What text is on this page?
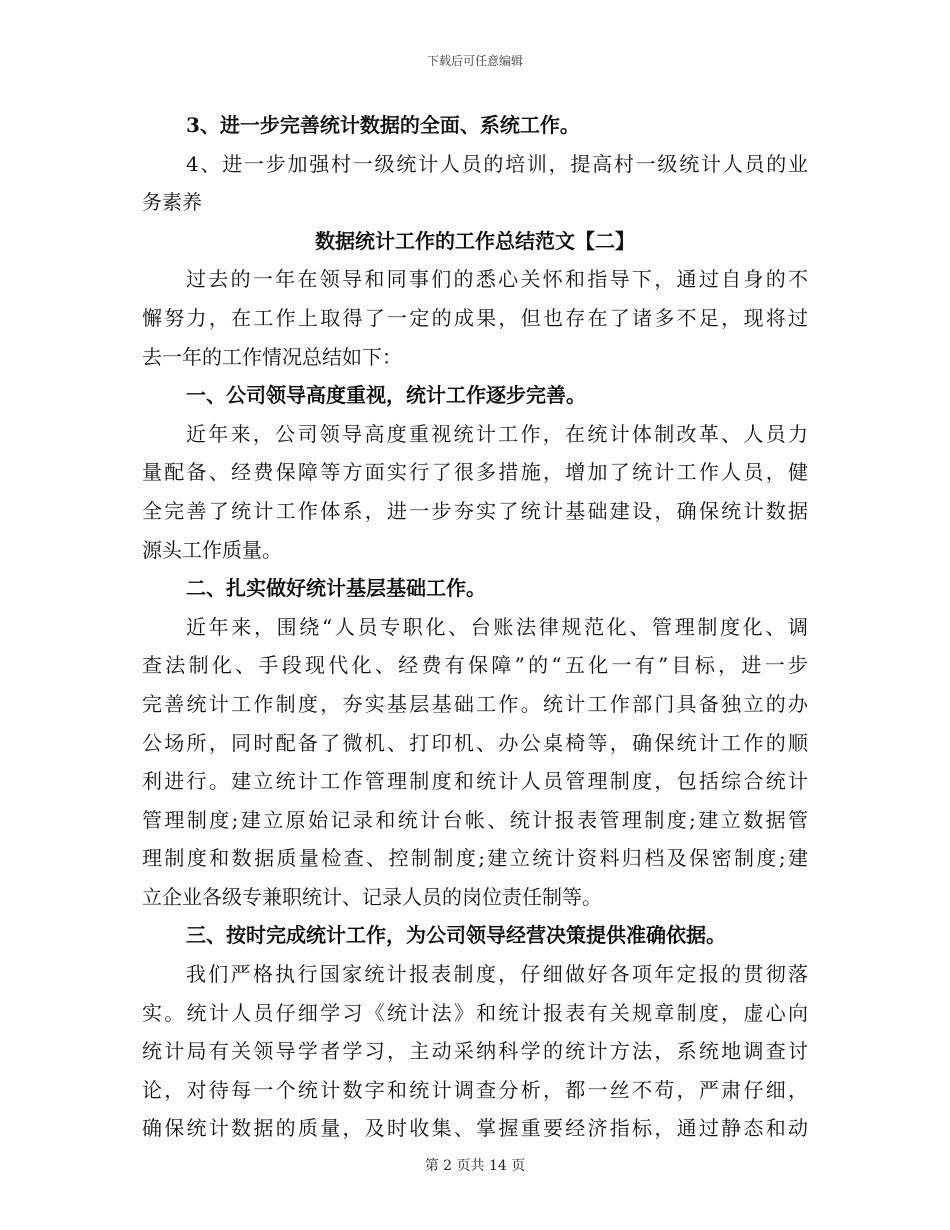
下载后可任意编辑
3、进一步完善统计数据的全面、系统工作。
4、进一步加强村一级统计人员的培训，提高村一级统计人员的业
务素养
数据统计工作的工作总结范文【二】
过去的一年在领导和同事们的悉心关怀和指导下，通过自身的不
懈努力，在工作上取得了一定的成果，但也存在了诸多不足，现将过
去一年的工作情况总结如下：
一、公司领导高度重视，统计工作逐步完善。
近年来，公司领导高度重视统计工作，在统计体制改革、人员力
量配备、经费保障等方面实行了很多措施，增加了统计工作人员，健
全完善了统计工作体系，进一步夯实了统计基础建设，确保统计数据
源头工作质量。
二、扎实做好统计基层基础工作。
近年来，围绕“人员专职化、台账法律规范化、管理制度化、调
查法制化、手段现代化、经费有保障”的“五化一有”目标，进一步
完善统计工作制度，夯实基层基础工作。统计工作部门具备独立的办
公场所，同时配备了微机、打印机、办公桌椅等，确保统计工作的顺
利进行。建立统计工作管理制度和统计人员管理制度，包括综合统计
管理制度;建立原始记录和统计台帐、统计报表管理制度;建立数据管
理制度和数据质量检查、控制制度;建立统计资料归档及保密制度;建
立企业各级专兼职统计、记录人员的岗位责任制等。
三、按时完成统计工作，为公司领导经营决策提供准确依据。
我们严格执行国家统计报表制度，仔细做好各项年定报的贯彻落
实。统计人员仔细学习《统计法》和统计报表有关规章制度，虚心向
统计局有关领导学者学习，主动采纳科学的统计方法，系统地调查讨
论，对待每一个统计数字和统计调查分析，都一丝不苟，严肃仔细，
确保统计数据的质量，及时收集、掌握重要经济指标，通过静态和动
第 2 页共 14 页
